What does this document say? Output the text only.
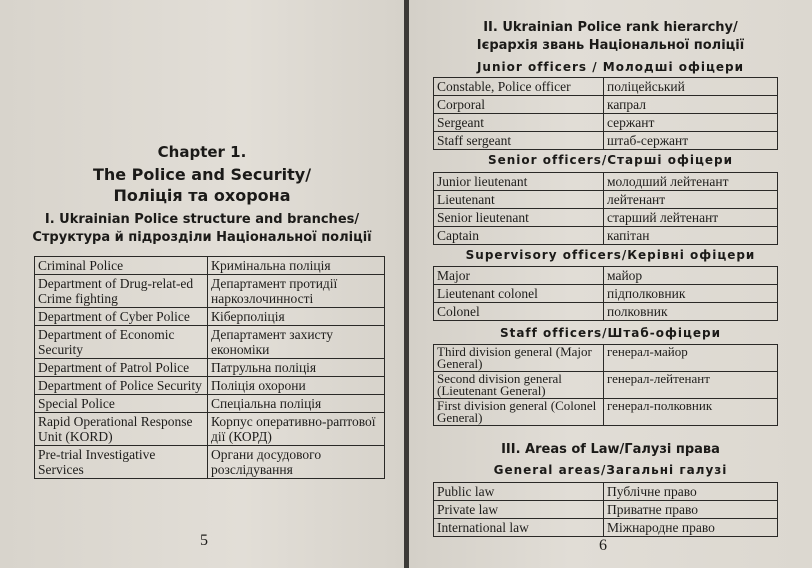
Chapter 1.
The Police and Security/
Поліція та охорона
I. Ukrainian Police structure and branches/
Структура й підрозділи Національної поліції
Criminal Police	Кримінальна поліція
Department of Drug-relat-ed Crime fighting	Департамент протидії наркозлочинності
Department of Cyber Police	Кіберполіція
Department of Economic Security	Департамент захисту економіки
Department of Patrol Police	Патрульна поліція
Department of Police Security	Поліція охорони
Special Police	Спеціальна поліція
Rapid Operational Response Unit (KORD)	Корпус оперативно-раптової дії (КОРД)
Pre-trial Investigative Services	Органи досудового розслідування
5
II. Ukrainian Police rank hierarchy/
Ієрархія звань Національної поліції
Junior officers / Молодші офіцери
Constable, Police officer	поліцейський
Corporal	капрал
Sergeant	сержант
Staff sergeant	штаб-сержант
Senior officers/Старші офіцери
Junior lieutenant	молодший лейтенант
Lieutenant	лейтенант
Senior lieutenant	старший лейтенант
Captain	капітан
Supervisory officers/Керівні офіцери
Major	майор
Lieutenant colonel	підполковник
Colonel	полковник
Staff officers/Штаб-офіцери
Third division general (Major General)	генерал-майор
Second division general (Lieutenant General)	генерал-лейтенант
First division general (Colonel General)	генерал-полковник
III. Areas of Law/Галузі права
General areas/Загальні галузі
Public law	Публічне право
Private law	Приватне право
International law	Міжнародне право
6
